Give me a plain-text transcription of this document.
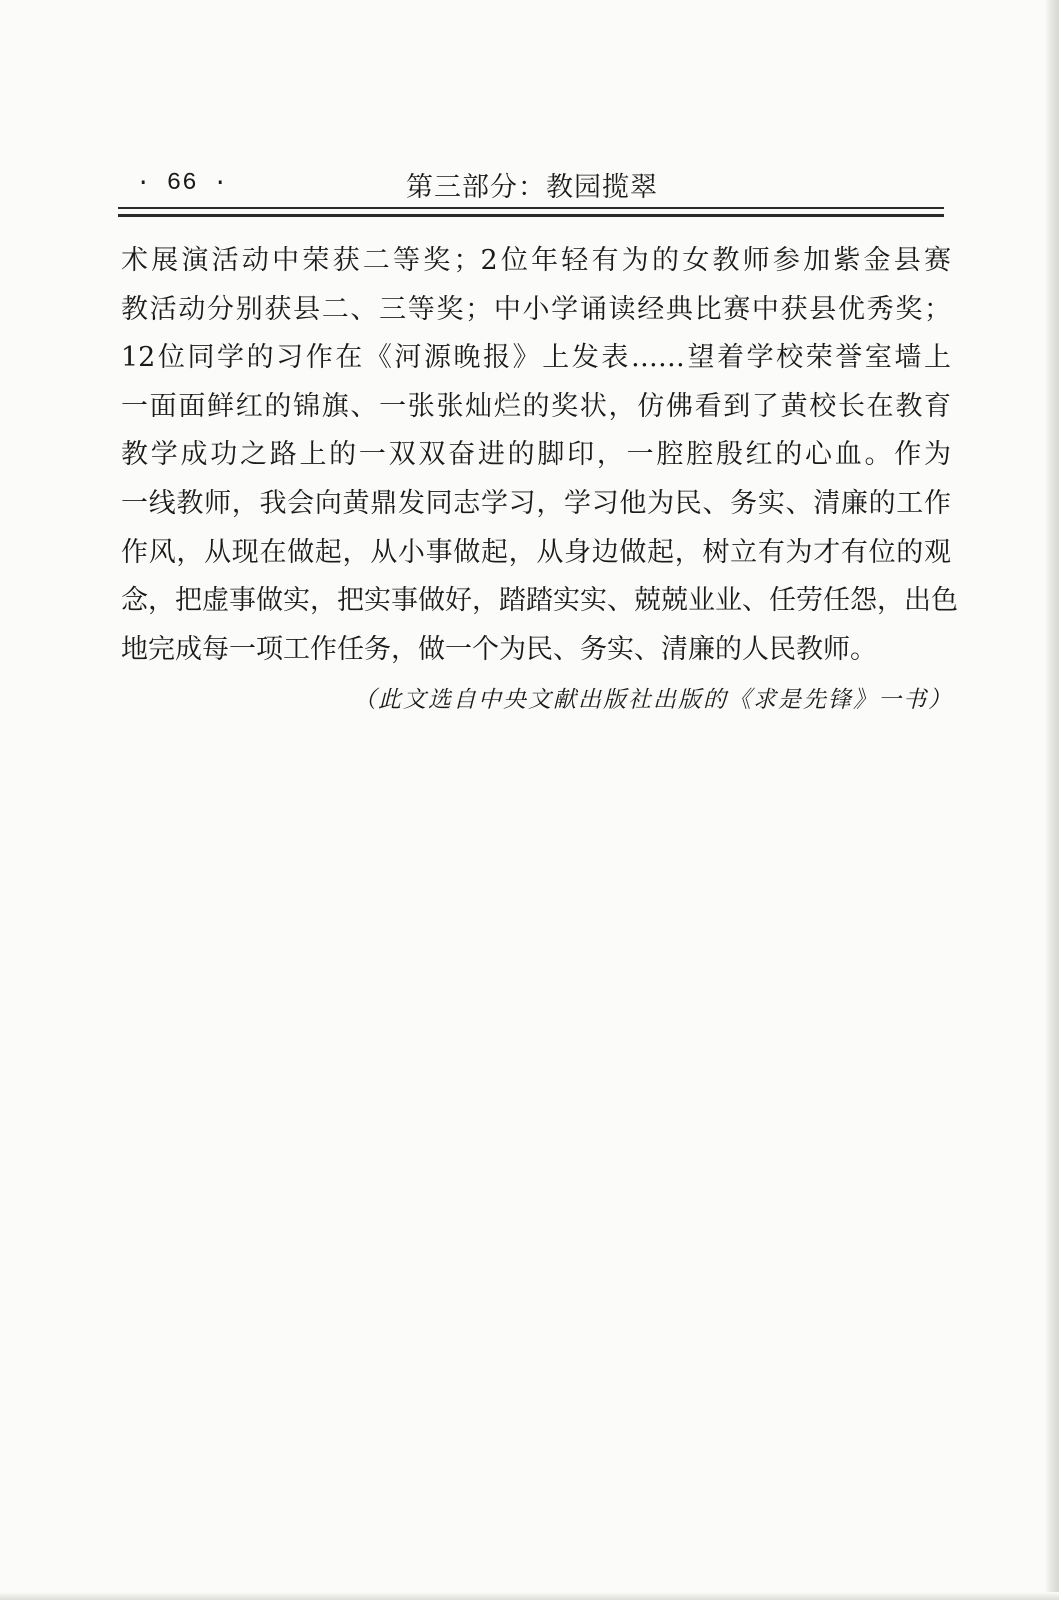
· 66 ·	第三部分：教园揽翠
术展演活动中荣获二等奖；2位年轻有为的女教师参加紫金县赛
教活动分别获县二、三等奖；中小学诵读经典比赛中获县优秀奖；
12位同学的习作在《河源晚报》上发表……望着学校荣誉室墙上
一面面鲜红的锦旗、一张张灿烂的奖状，仿佛看到了黄校长在教育
教学成功之路上的一双双奋进的脚印，一腔腔殷红的心血。作为
一线教师，我会向黄鼎发同志学习，学习他为民、务实、清廉的工作
作风，从现在做起，从小事做起，从身边做起，树立有为才有位的观
念，把虚事做实，把实事做好，踏踏实实、兢兢业业、任劳任怨，出色
地完成每一项工作任务，做一个为民、务实、清廉的人民教师。
（此文选自中央文献出版社出版的《求是先锋》一书）
